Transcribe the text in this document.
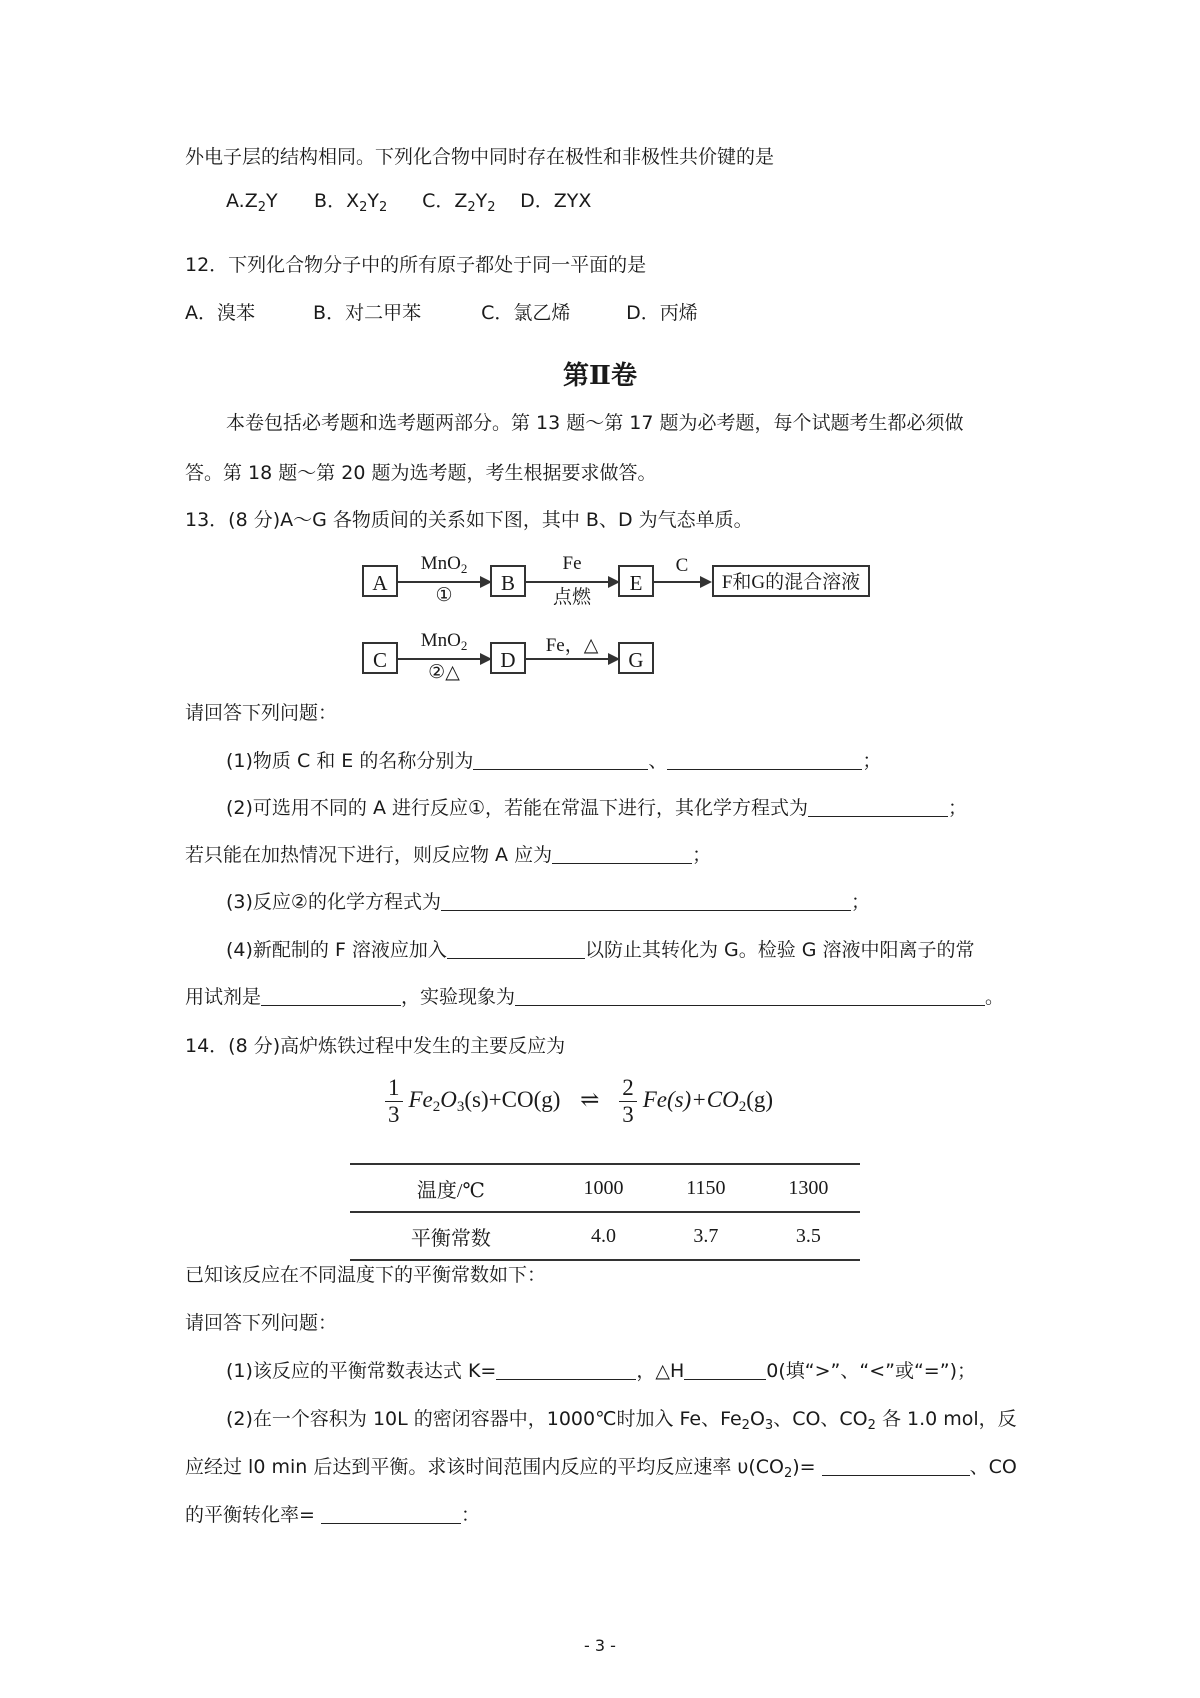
外电子层的结构相同。下列化合物中同时存在极性和非极性共价键的是
$A.Z_2Y$ B．$X_2Y_2$ C．$Z_2Y_2$ D．ZYX
12．下列化合物分子中的所有原子都处于同一平面的是
A．溴苯	B．对二甲苯	C．氯乙烯	D．丙烯
第Ⅱ卷
本卷包括必考题和选考题两部分。第 13 题～第 17 题为必考题，每个试题考生都必须做
答。第 18 题～第 20 题为选考题，考生根据要求做答。
13．(8 分)A～G 各物质间的关系如下图，其中 B、D 为气态单质。
A
MnO$_2$
①
B
Fe
点燃
E
C
F和G的混合溶液
C
MnO$_2$
②△
D
Fe，△
G
请回答下列问题：
(1)物质 C 和 E 的名称分别为	、	；
(2)可选用不同的 A 进行反应①，若能在常温下进行，其化学方程式为	；
若只能在加热情况下进行，则反应物 A 应为	；
(3)反应②的化学方程式为	；
(4)新配制的 F 溶液应加入	以防止其转化为 G。检验 G 溶液中阳离子的常
用试剂是	，实验现象为	。
14．(8 分)高炉炼铁过程中发生的主要反应为
$\frac{1}{3} Fe_2O_3(s)+CO(g)$ ⇌ $\frac{2}{3} Fe(s)+CO_2(g)$
温度/℃	1000	1150	1300
平衡常数	4.0	3.7	3.5
已知该反应在不同温度下的平衡常数如下：
请回答下列问题：
(1)该反应的平衡常数表达式 K=	，△H	0(填“>”、“<”或“=”)；
(2)在一个容积为 10L 的密闭容器中，1000℃时加入 Fe、$Fe_2O_3$、CO、$CO_2$ 各 1.0 mol，反
应经过 l0 min 后达到平衡。求该时间范围内反应的平均反应速率 $\upsilon(CO_2)=$	、CO
的平衡转化率=	：
- 3 -
